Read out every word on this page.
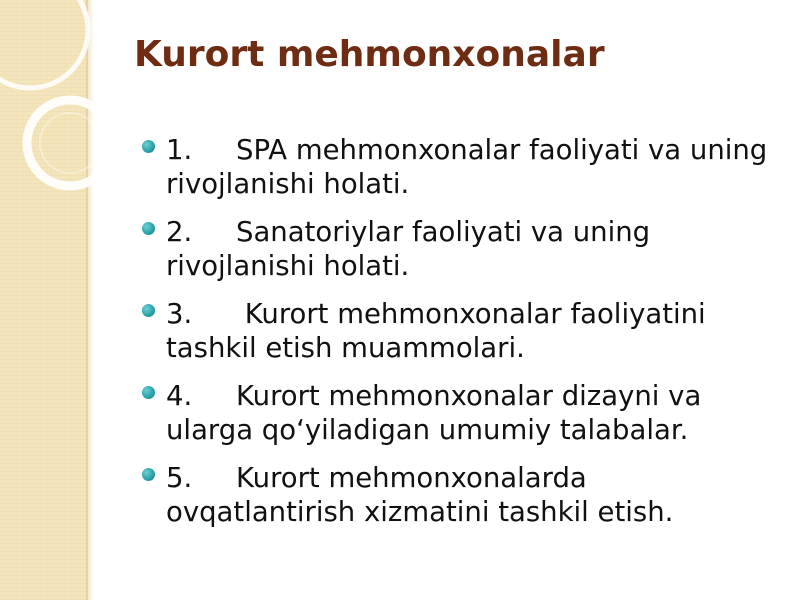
Kurort mehmonxonalar
1. SPA mehmonxonalar faoliyati va uning rivojlanishi holati.
2. Sanatoriylar faoliyati va uning rivojlanishi holati.
3. Kurort mehmonxonalar faoliyatini tashkil etish muammolari.
4. Kurort mehmonxonalar dizayni va ularga qo‘yiladigan umumiy talabalar.
5. Kurort mehmonxonalarda ovqatlantirish xizmatini tashkil etish.
